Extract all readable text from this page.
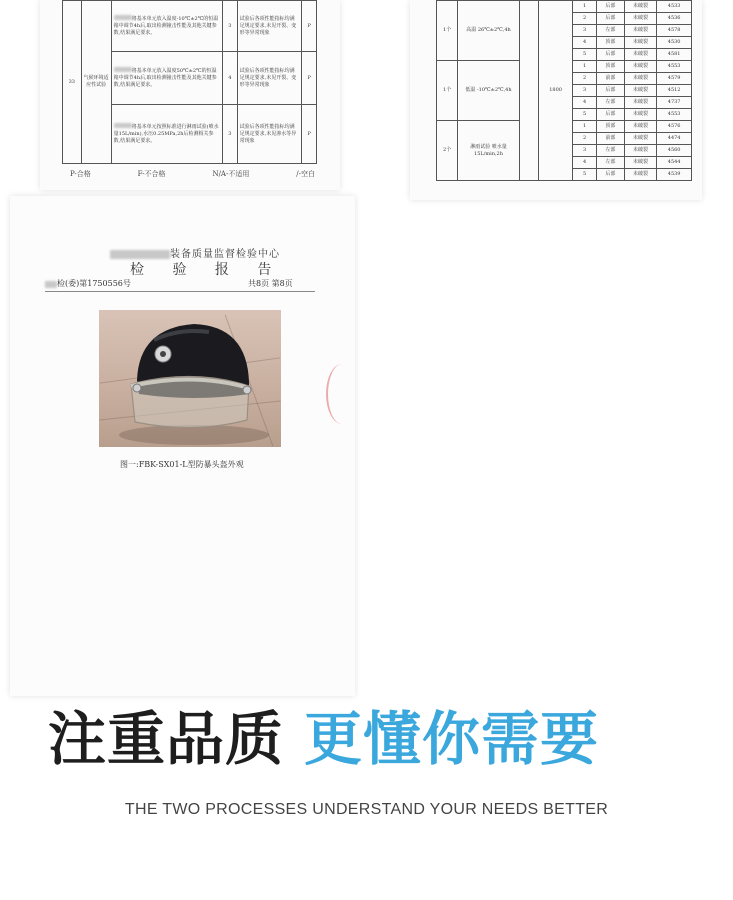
33	气候环境适应性试验	将基本单元放入温度-10℃±2℃的恒温箱中调节4h后,取出检测撞击性能及其他关键参数,结果满足要求。	3	试验后各项性能指标均满足规定要求,未见开裂、变形等异常现象	P
		将基本单元放入温度50℃±2℃的恒温箱中调节4h后,取出检测撞击性能及其他关键参数,结果满足要求。	4	试验后各项性能指标均满足规定要求,未见开裂、变形等异常现象	P
		将基本单元按照标准进行淋雨试验(喷水量15L/min),水压0.25MPa,2h后检测相关参数,结果满足要求。	3	试验后各项性能指标均满足规定要求,未见渗水等异常现象	P
P-合格	F-不合格	N/A-不适用	/-空白
1个	高温 26℃±2℃,4h		1800	1	后部	未破裂	4533
				2	后部	未破裂	4536
				3	左部	未破裂	4578
				4	顶部	未破裂	4530
				5	后部	未破裂	4581
1个	低温 -10℃±2℃,4h			1	顶部	未破裂	4553
				2	前部	未破裂	4579
				3	后部	未破裂	4512
				4	左部	未破裂	4737
				5	后部	未破裂	4553
2个	淋雨试验 喷水量15L/min,2h			1	顶部	未破裂	4576
				2	前部	未破裂	4474
				3	左部	未破裂	4560
				4	左部	未破裂	4544
				5	后部	未破裂	4539
装备质量监督检验中心
检 验 报 告
检(委)第1750556号	共8页 第8页
图一:FBK-SX01-L型防暴头盔外观
注重品质 更懂你需要
THE TWO PROCESSES UNDERSTAND YOUR NEEDS BETTER
